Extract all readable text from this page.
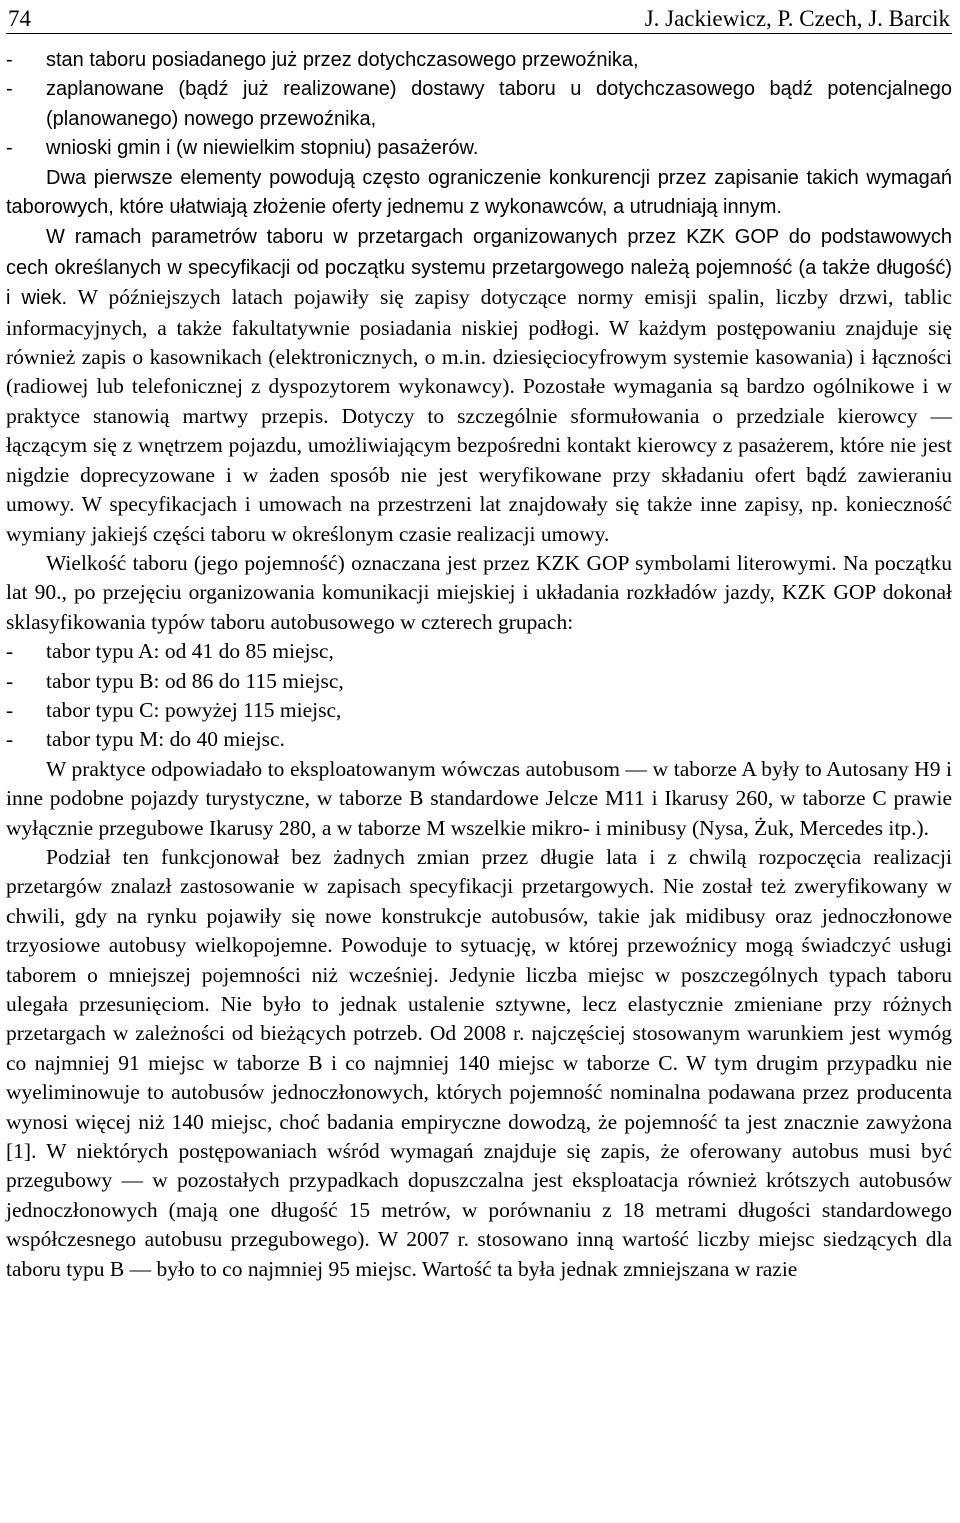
74	J. Jackiewicz, P. Czech, J. Barcik
- stan taboru posiadanego już przez dotychczasowego przewoźnika,
- zaplanowane (bądź już realizowane) dostawy taboru u dotychczasowego bądź potencjalnego (planowanego) nowego przewoźnika,
- wnioski gmin i (w niewielkim stopniu) pasażerów.

Dwa pierwsze elementy powodują często ograniczenie konkurencji przez zapisanie takich wymagań taborowych, które ułatwiają złożenie oferty jednemu z wykonawców, a utrudniają innym.

W ramach parametrów taboru w przetargach organizowanych przez KZK GOP do podstawowych cech określanych w specyfikacji od początku systemu przetargowego należą pojemność (a także długość) i wiek. W późniejszych latach pojawiły się zapisy dotyczące normy emisji spalin, liczby drzwi, tablic informacyjnych, a także fakultatywnie posiadania niskiej podłogi. W każdym postępowaniu znajduje się również zapis o kasownikach (elektronicznych, o m.in. dziesięciocyfrowym systemie kasowania) i łączności (radiowej lub telefonicznej z dyspozytorem wykonawcy). Pozostałe wymagania są bardzo ogólnikowe i w praktyce stanowią martwy przepis. Dotyczy to szczególnie sformułowania o przedziale kierowcy — łączącym się z wnętrzem pojazdu, umożliwiającym bezpośredni kontakt kierowcy z pasażerem, które nie jest nigdzie doprecyzowane i w żaden sposób nie jest weryfikowane przy składaniu ofert bądź zawieraniu umowy. W specyfikacjach i umowach na przestrzeni lat znajdowały się także inne zapisy, np. konieczność wymiany jakiejś części taboru w określonym czasie realizacji umowy.

Wielkość taboru (jego pojemność) oznaczana jest przez KZK GOP symbolami literowymi. Na początku lat 90., po przejęciu organizowania komunikacji miejskiej i układania rozkładów jazdy, KZK GOP dokonał sklasyfikowania typów taboru autobusowego w czterech grupach:

- tabor typu A: od 41 do 85 miejsc,
- tabor typu B: od 86 do 115 miejsc,
- tabor typu C: powyżej 115 miejsc,
- tabor typu M: do 40 miejsc.

W praktyce odpowiadało to eksploatowanym wówczas autobusom — w taborze A były to Autosany H9 i inne podobne pojazdy turystyczne, w taborze B standardowe Jelcze M11 i Ikarusy 260, w taborze C prawie wyłącznie przegubowe Ikarusy 280, a w taborze M wszelkie mikro- i minibusy (Nysa, Żuk, Mercedes itp.).

Podział ten funkcjonował bez żadnych zmian przez długie lata i z chwilą rozpoczęcia realizacji przetargów znalazł zastosowanie w zapisach specyfikacji przetargowych. Nie został też zweryfikowany w chwili, gdy na rynku pojawiły się nowe konstrukcje autobusów, takie jak midibusy oraz jednoczłonowe trzyosiowe autobusy wielkopojemne. Powoduje to sytuację, w której przewoźnicy mogą świadczyć usługi taborem o mniejszej pojemności niż wcześniej. Jedynie liczba miejsc w poszczególnych typach taboru ulegała przesunięciom. Nie było to jednak ustalenie sztywne, lecz elastycznie zmieniane przy różnych przetargach w zależności od bieżących potrzeb. Od 2008 r. najczęściej stosowanym warunkiem jest wymóg co najmniej 91 miejsc w taborze B i co najmniej 140 miejsc w taborze C. W tym drugim przypadku nie wyeliminowuje to autobusów jednoczłonowych, których pojemność nominalna podawana przez producenta wynosi więcej niż 140 miejsc, choć badania empiryczne dowodzą, że pojemność ta jest znacznie zawyżona [1]. W niektórych postępowaniach wśród wymagań znajduje się zapis, że oferowany autobus musi być przegubowy — w pozostałych przypadkach dopuszczalna jest eksploatacja również krótszych autobusów jednoczłonowych (mają one długość 15 metrów, w porównaniu z 18 metrami długości standardowego współczesnego autobusu przegubowego). W 2007 r. stosowano inną wartość liczby miejsc siedzących dla taboru typu B — było to co najmniej 95 miejsc. Wartość ta była jednak zmniejszana w razie
